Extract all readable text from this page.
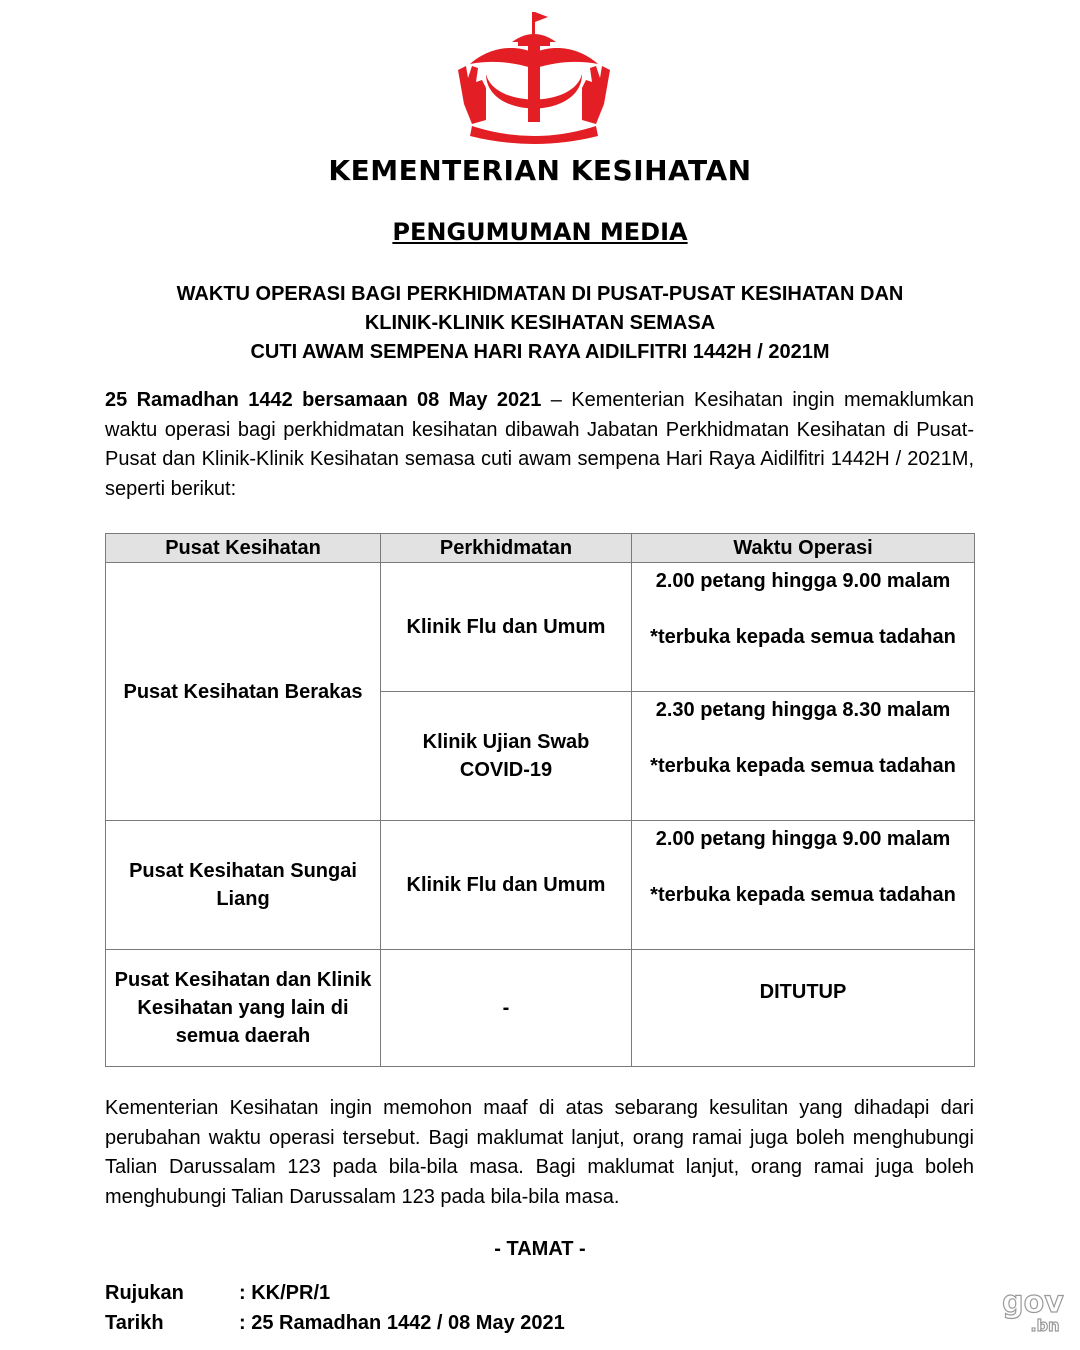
KEMENTERIAN KESIHATAN
PENGUMUMAN MEDIA
WAKTU OPERASI BAGI PERKHIDMATAN DI PUSAT-PUSAT KESIHATAN DAN
KLINIK-KLINIK KESIHATAN SEMASA
CUTI AWAM SEMPENA HARI RAYA AIDILFITRI 1442H / 2021M
25 Ramadhan 1442 bersamaan 08 May 2021 – Kementerian Kesihatan ingin memaklumkan waktu operasi bagi perkhidmatan kesihatan dibawah Jabatan Perkhidmatan Kesihatan di Pusat-Pusat dan Klinik-Klinik Kesihatan semasa cuti awam sempena Hari Raya Aidilfitri 1442H / 2021M, seperti berikut:
Pusat Kesihatan	Perkhidmatan	Waktu Operasi
Pusat Kesihatan Berakas	Klinik Flu dan Umum	2.00 petang hingga 9.00 malam
*terbuka kepada semua tadahan

	Klinik Ujian Swab COVID-19	2.30 petang hingga 8.30 malam
*terbuka kepada semua tadahan

Pusat Kesihatan Sungai Liang	Klinik Flu dan Umum	2.00 petang hingga 9.00 malam
*terbuka kepada semua tadahan

Pusat Kesihatan dan Klinik Kesihatan yang lain di semua daerah	-	DITUTUP
Kementerian Kesihatan ingin memohon maaf di atas sebarang kesulitan yang dihadapi dari perubahan waktu operasi tersebut. Bagi maklumat lanjut, orang ramai juga boleh menghubungi Talian Darussalam 123 pada bila-bila masa. Bagi maklumat lanjut, orang ramai juga boleh menghubungi Talian Darussalam 123 pada bila-bila masa.
- TAMAT -
Rujukan	: KK/PR/1
Tarikh	: 25 Ramadhan 1442 / 08 May 2021
gov
.bn
